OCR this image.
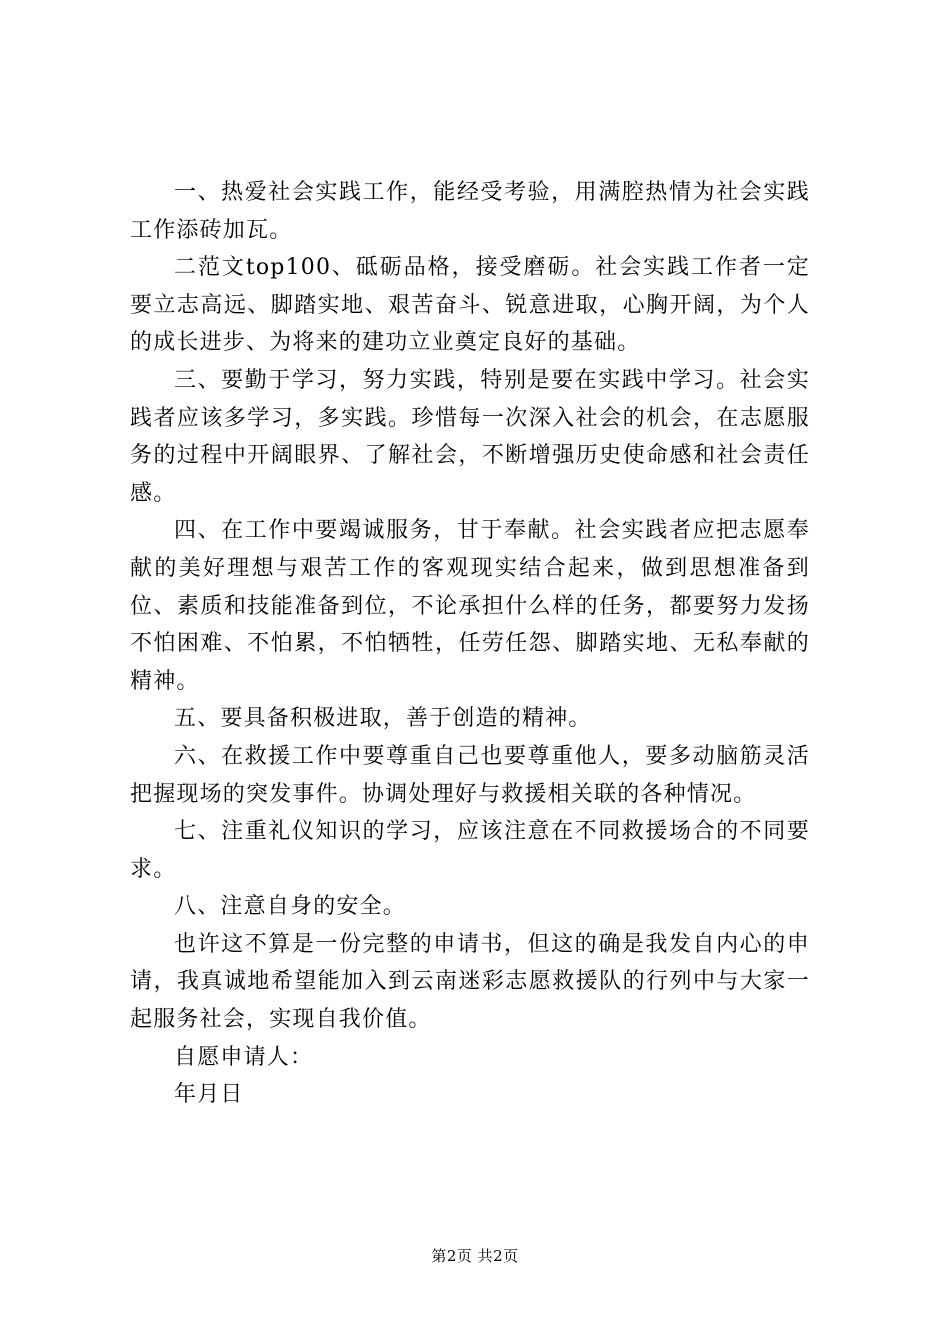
一、热爱社会实践工作，能经受考验，用满腔热情为社会实践工作添砖加瓦。

二范文top100、砥砺品格，接受磨砺。社会实践工作者一定要立志高远、脚踏实地、艰苦奋斗、锐意进取，心胸开阔，为个人的成长进步、为将来的建功立业奠定良好的基础。

三、要勤于学习，努力实践，特别是要在实践中学习。社会实践者应该多学习，多实践。珍惜每一次深入社会的机会，在志愿服务的过程中开阔眼界、了解社会，不断增强历史使命感和社会责任感。

四、在工作中要竭诚服务，甘于奉献。社会实践者应把志愿奉献的美好理想与艰苦工作的客观现实结合起来，做到思想准备到位、素质和技能准备到位，不论承担什么样的任务，都要努力发扬不怕困难、不怕累，不怕牺牲，任劳任怨、脚踏实地、无私奉献的精神。

五、要具备积极进取，善于创造的精神。

六、在救援工作中要尊重自己也要尊重他人，要多动脑筋灵活把握现场的突发事件。协调处理好与救援相关联的各种情况。

七、注重礼仪知识的学习，应该注意在不同救援场合的不同要求。

八、注意自身的安全。

也许这不算是一份完整的申请书，但这的确是我发自内心的申请，我真诚地希望能加入到云南迷彩志愿救援队的行列中与大家一起服务社会，实现自我价值。

自愿申请人：

年月日

第2页 共2页
